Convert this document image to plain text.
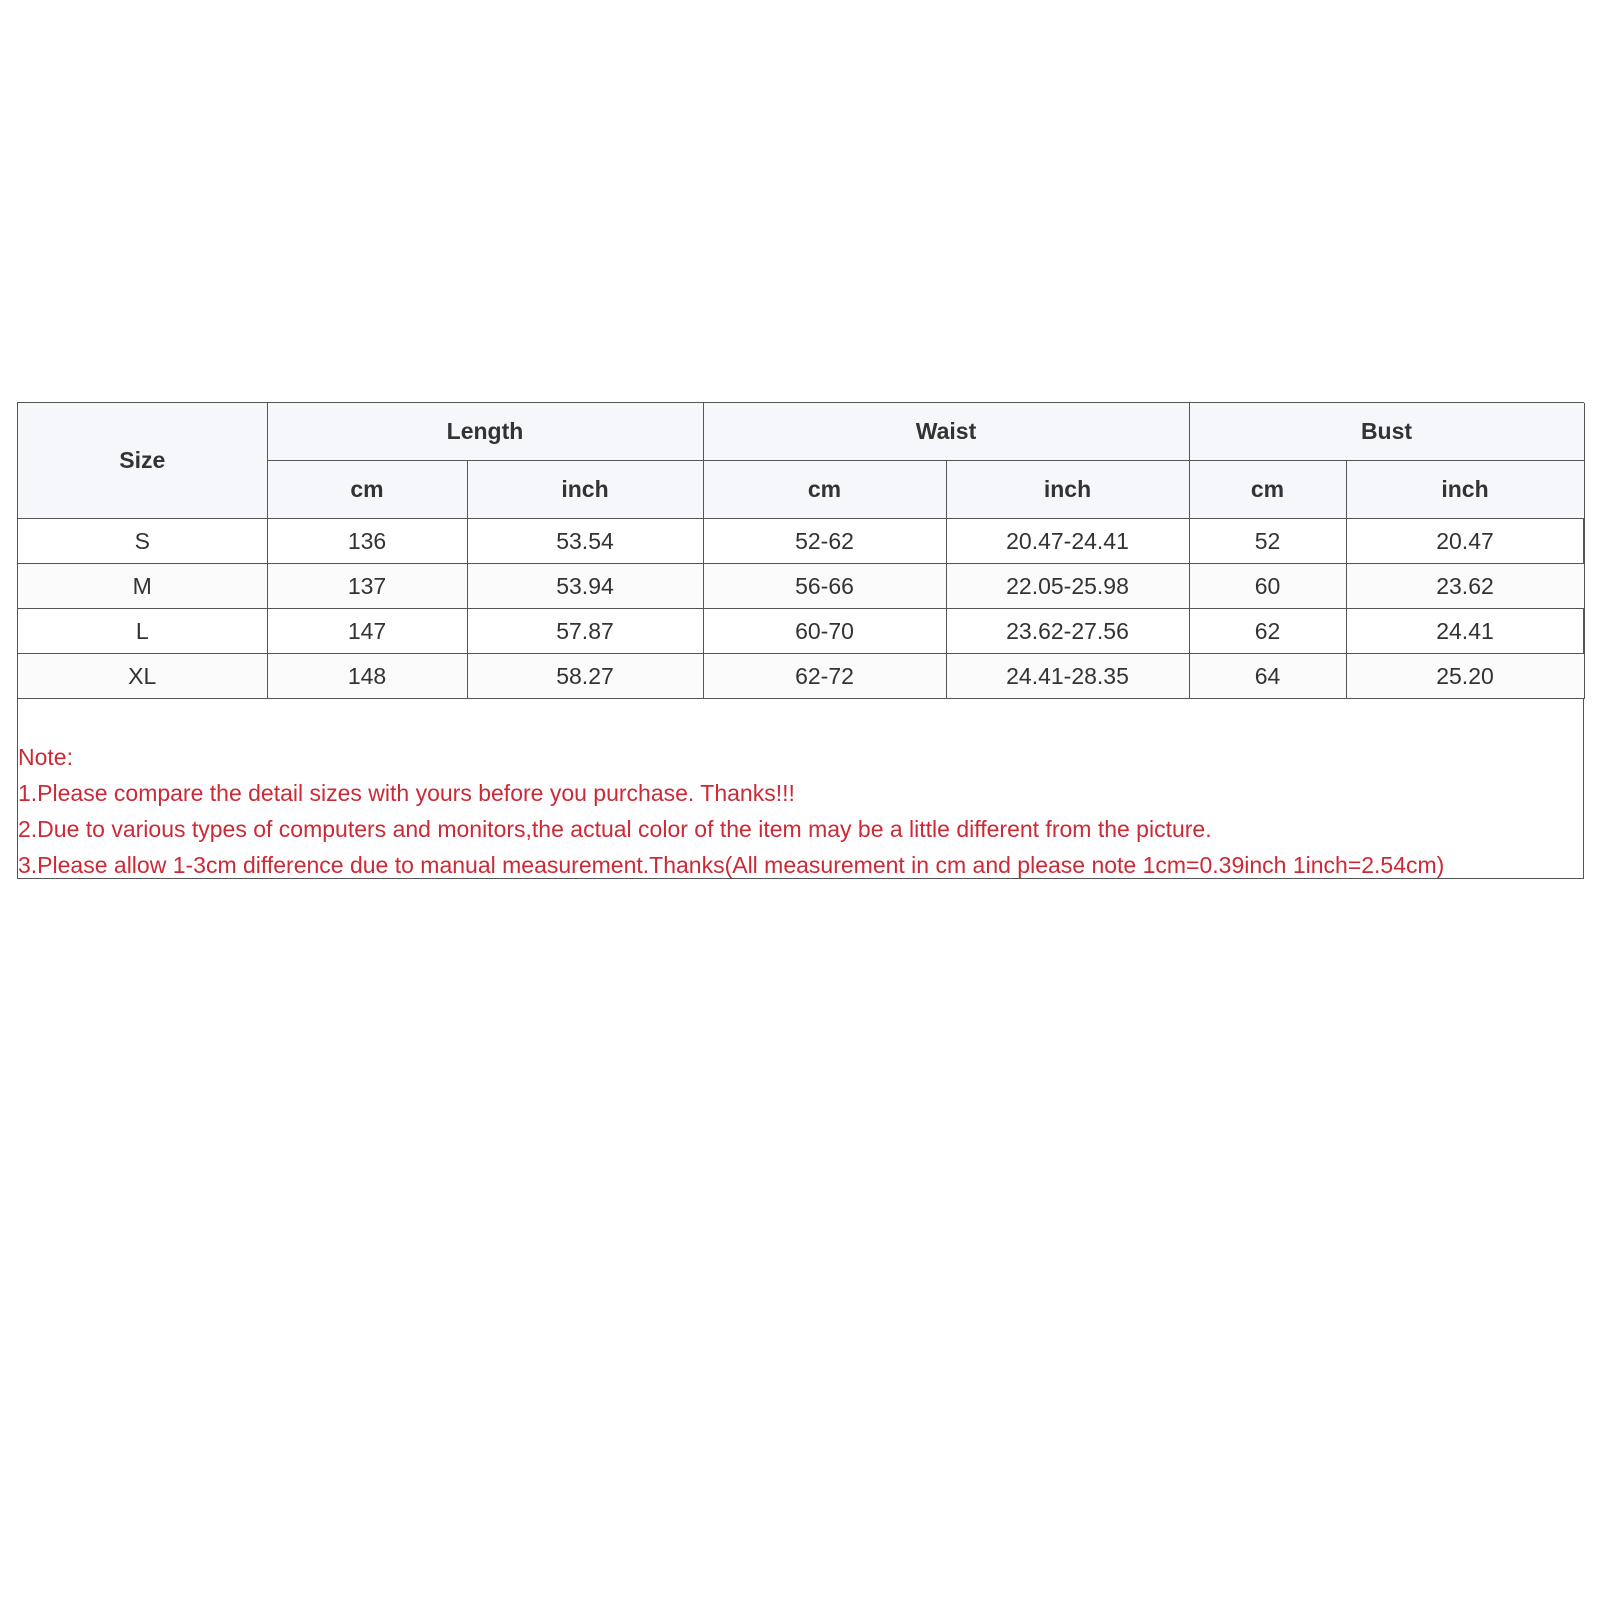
Size	Length		Waist		Bust	
	cm	inch	cm	inch	cm	inch
S	136	53.54	52-62	20.47-24.41	52	20.47
M	137	53.94	56-66	22.05-25.98	60	23.62
L	147	57.87	60-70	23.62-27.56	62	24.41
XL	148	58.27	62-72	24.41-28.35	64	25.20
Note:
1.Please compare the detail sizes with yours before you purchase. Thanks!!!
2.Due to various types of computers and monitors,the actual color of the item may be a little different from the picture.
3.Please allow 1-3cm difference due to manual measurement.Thanks(All measurement in cm and please note 1cm=0.39inch 1inch=2.54cm)
